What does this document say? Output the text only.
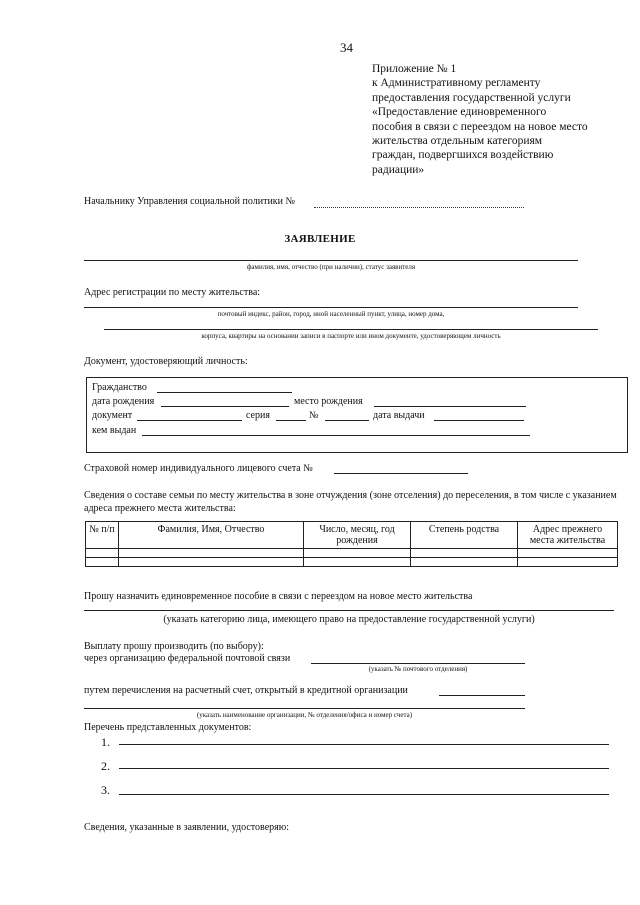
34
Приложение № 1
к Административному регламенту
предоставления государственной услуги
«Предоставление единовременного
пособия в связи с переездом на новое место
жительства отдельным категориям
граждан, подвергшихся воздействию
радиации»
Начальнику Управления социальной политики №
ЗАЯВЛЕНИЕ
фамилия, имя, отчество (при наличии), статус заявителя
Адрес регистрации по месту жительства:
почтовый индекс, район, город, иной населенный пункт, улица, номер дома,
корпуса, квартиры на основании записи в паспорте или ином документе, удостоверяющем личность
Документ, удостоверяющий личность:
Гражданство
дата рождения	место рождения
документ	серия	№	дата выдачи
кем выдан
Страховой номер индивидуального лицевого счета №
Сведения о составе семьи по месту жительства в зоне отчуждения (зоне отселения) до переселения, в том числе с указанием адреса прежнего места жительства:
№ п/п	Фамилия, Имя, Отчество	Число, месяц, год рождения	Степень родства	Адрес прежнего места жительства

Прошу назначить единовременное пособие в связи с переездом на новое место жительства
(указать категорию лица, имеющего право на предоставление государственной услуги)
Выплату прошу производить (по выбору):
через организацию федеральной почтовой связи
(указать № почтового отделения)
путем перечисления на расчетный счет, открытый в кредитной организации
(указать наименование организации, № отделения/офиса и номер счета)
Перечень представленных документов:
1.
2.
3.
Сведения, указанные в заявлении, удостоверяю:
